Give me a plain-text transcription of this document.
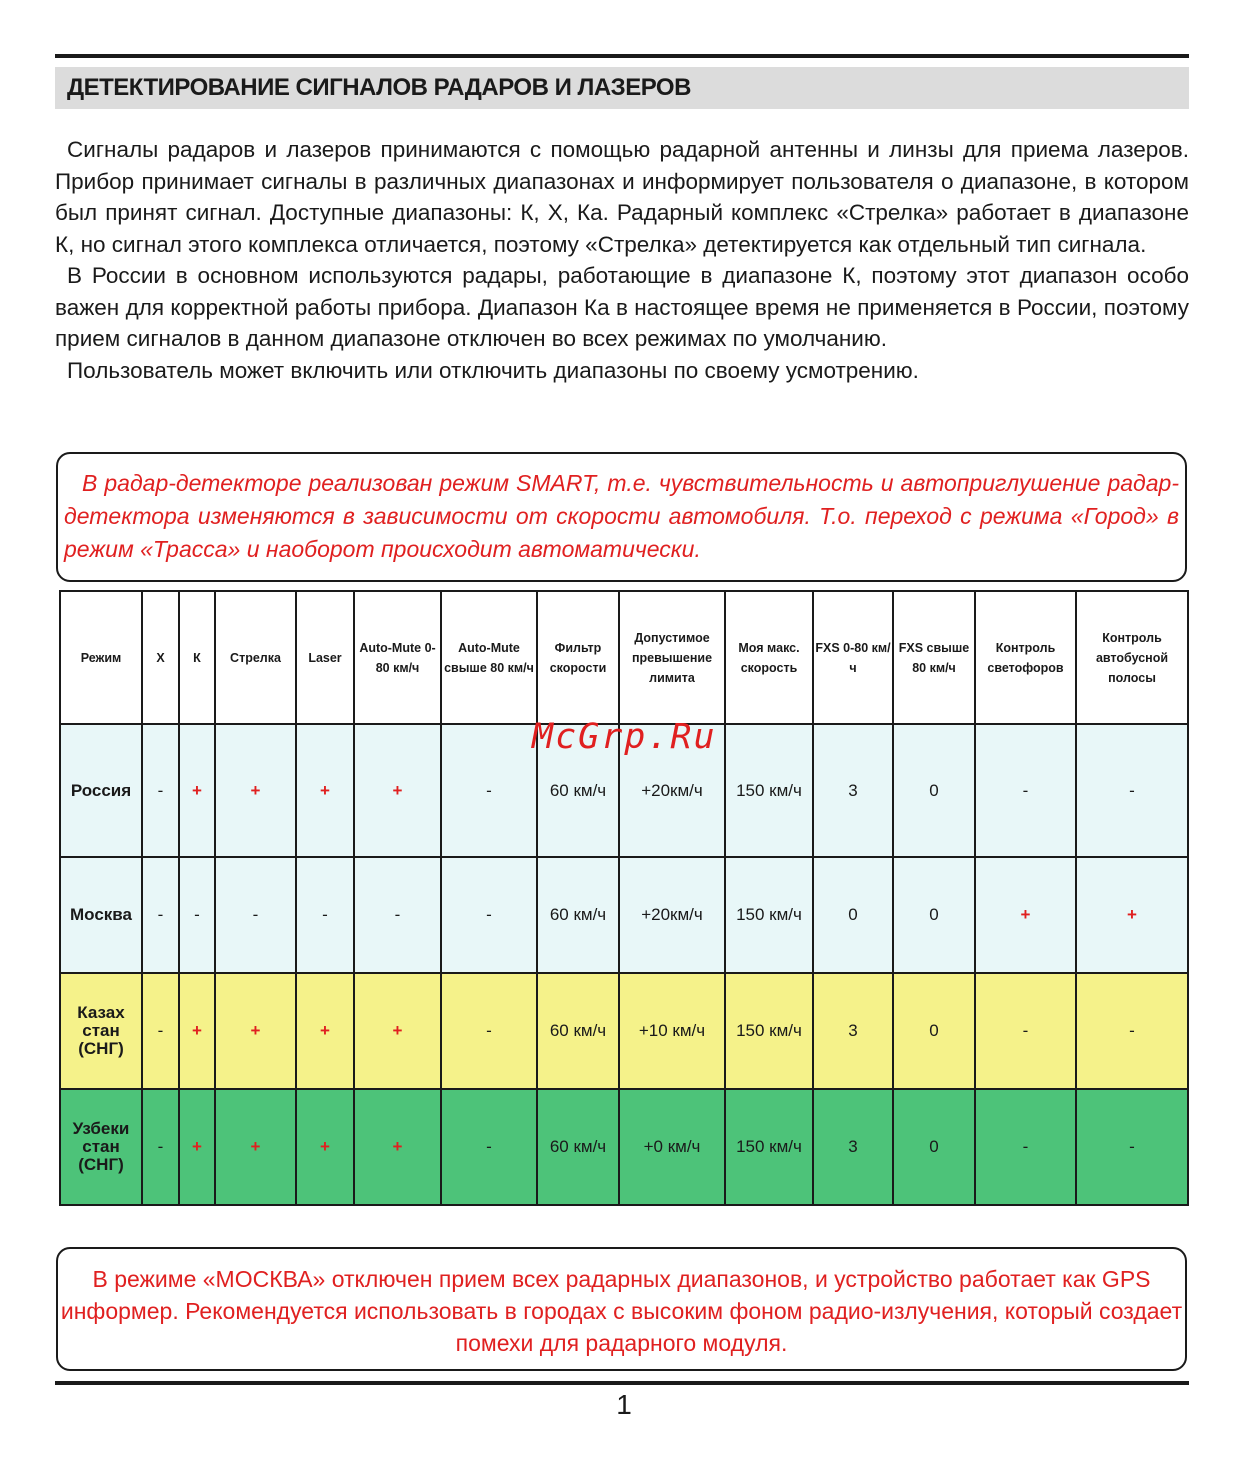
ДЕТЕКТИРОВАНИЕ СИГНАЛОВ РАДАРОВ И ЛАЗЕРОВ

Сигналы радаров и лазеров принимаются с помощью радарной антенны и линзы для приема лазеров. Прибор принимает сигналы в различных диапазонах и информирует пользователя о диапазоне, в котором был принят сигнал. Доступные диапазоны: К, Х, Ка. Радарный комплекс «Стрелка» работает в диапазоне К, но сигнал этого комплекса отличается, поэтому «Стрелка» детектируется как отдельный тип сигнала.

В России в основном используются радары, работающие в диапазоне К, поэтому этот диапазон особо важен для корректной работы прибора. Диапазон Ка в настоящее время не применяется в России, поэтому прием сигналов в данном диапазоне отключен во всех режимах по умолчанию.

Пользователь может включить или отключить диапазоны по своему усмотрению.

В радар-детекторе реализован режим SMART, т.е. чувствительность и автоприглушение радар-детектора изменяются в зависимости от скорости автомобиля. Т.о. переход с режима «Город» в режим «Трасса» и наоборот происходит автоматически.

Режим	Х	К	Стрелка	Laser	Auto-Mute 0-80 км/ч	Auto-Mute свыше 80 км/ч	Фильтр скорости	Допустимое превышение лимита	Моя макс. скорость	FXS 0-80 км/ч	FXS свыше 80 км/ч	Контроль светофоров	Контроль автобусной полосы
Россия	-	+	+	+	+	-	60 км/ч	+20км/ч	150 км/ч	3	0	-	-
Москва	-	-	-	-	-	-	60 км/ч	+20км/ч	150 км/ч	0	0	+	+
Казах стан (СНГ)	-	+	+	+	+	-	60 км/ч	+10 км/ч	150 км/ч	3	0	-	-
Узбеки стан (СНГ)	-	+	+	+	+	-	60 км/ч	+0 км/ч	150 км/ч	3	0	-	-
McGrp.Ru

В режиме «МОСКВА» отключен прием всех радарных диапазонов, и устройство работает как GPS информер. Рекомендуется использовать в городах с высоким фоном радио-излучения, который создает помехи для радарного модуля.

1
